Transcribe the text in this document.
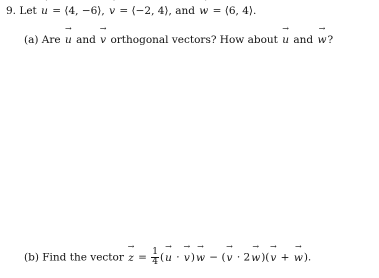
9. Let → u = ⟨4, −6⟩, → v = ⟨−2, 4⟩, and → w = ⟨6, 4⟩.
(a) Are → u and → v orthogonal vectors? How about → u and → w?
(b) Find the vector → $z = \frac{1}{4}$ (→ u · → v)→ w − (→ v · 2→ w)(→ v + → w).
